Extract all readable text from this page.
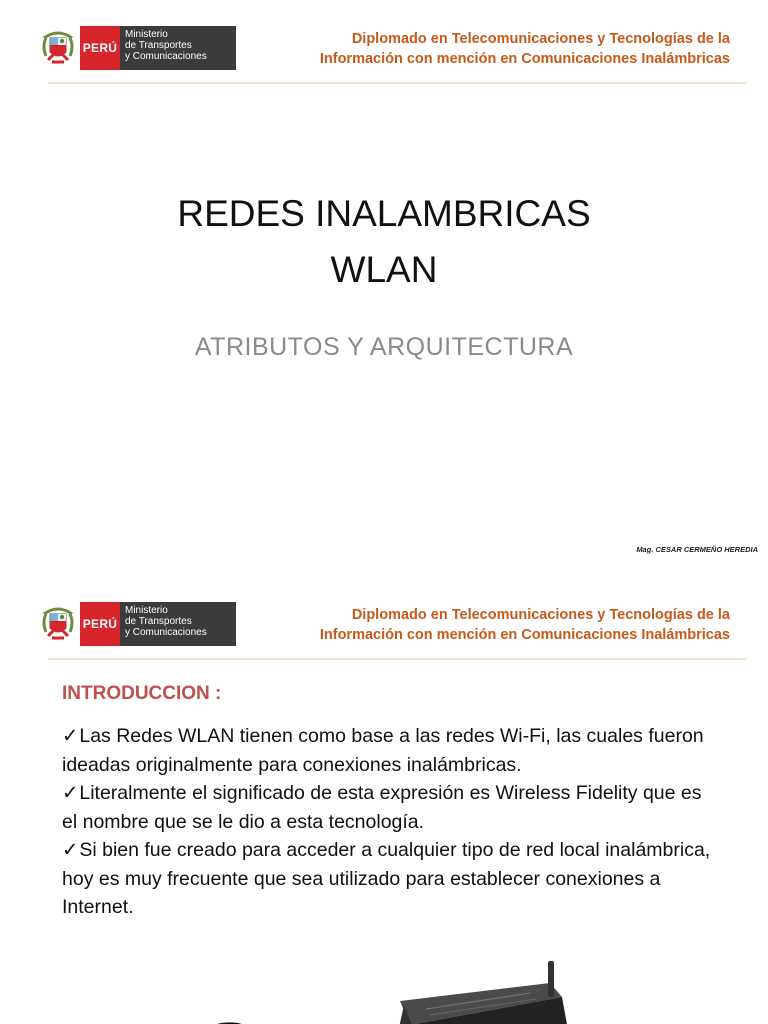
PERÚ
Ministerio
de Transportes
y Comunicaciones
Diplomado en Telecomunicaciones y Tecnologías de la
Información con mención en Comunicaciones Inalámbricas
REDES INALAMBRICAS
WLAN
ATRIBUTOS Y ARQUITECTURA
Mag. CESAR CERMEÑO HEREDIA
PERÚ
Ministerio
de Transportes
y Comunicaciones
Diplomado en Telecomunicaciones y Tecnologías de la
Información con mención en Comunicaciones Inalámbricas
INTRODUCCION :

✓Las Redes WLAN tienen como base a las redes Wi-Fi, las cuales fueron ideadas originalmente para conexiones inalámbricas.

✓Literalmente el significado de esta expresión es Wireless Fidelity que es el nombre que se le dio a esta tecnología.

✓Si bien fue creado para acceder a cualquier tipo de red local inalámbrica, hoy es muy frecuente que sea utilizado para establecer conexiones a Internet.
